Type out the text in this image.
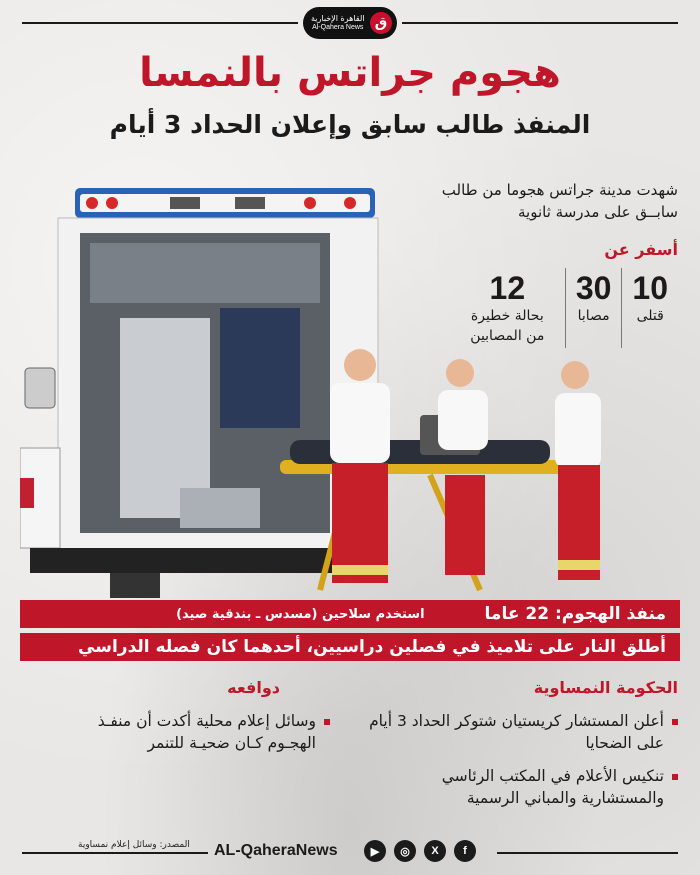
القاهرة الإخبارية
Al-Qahera News ق
هجوم جراتس بالنمسا
المنفذ طالب سابق وإعلان الحداد 3 أيام
شهدت مدينة جراتس هجوما من طالب سابــق على مدرسة ثانوية
أسفر عن
10
قتلى
30
مصابا
12
بحالة خطيرة من المصابين
منفذ الهجوم: 22 عاما
استخدم سلاحين (مسدس ـ بندقية صيد)
أطلق النار على تلاميذ في فصلين دراسيين، أحدهما كان فصله الدراسي
الحكومة النمساوية
أعلن المستشار كريستيان شتوكر الحداد 3 أيام على الضحايا
تنكيس الأعلام في المكتب الرئاسي والمستشارية والمباني الرسمية
دوافعه
وسائل إعلام محلية أكدت أن منفـذ الهجـوم كـان ضحيـة للتنمر
المصدر: وسائل إعلام نمساوية AL-QaheraNews	▶	◎	X	f
